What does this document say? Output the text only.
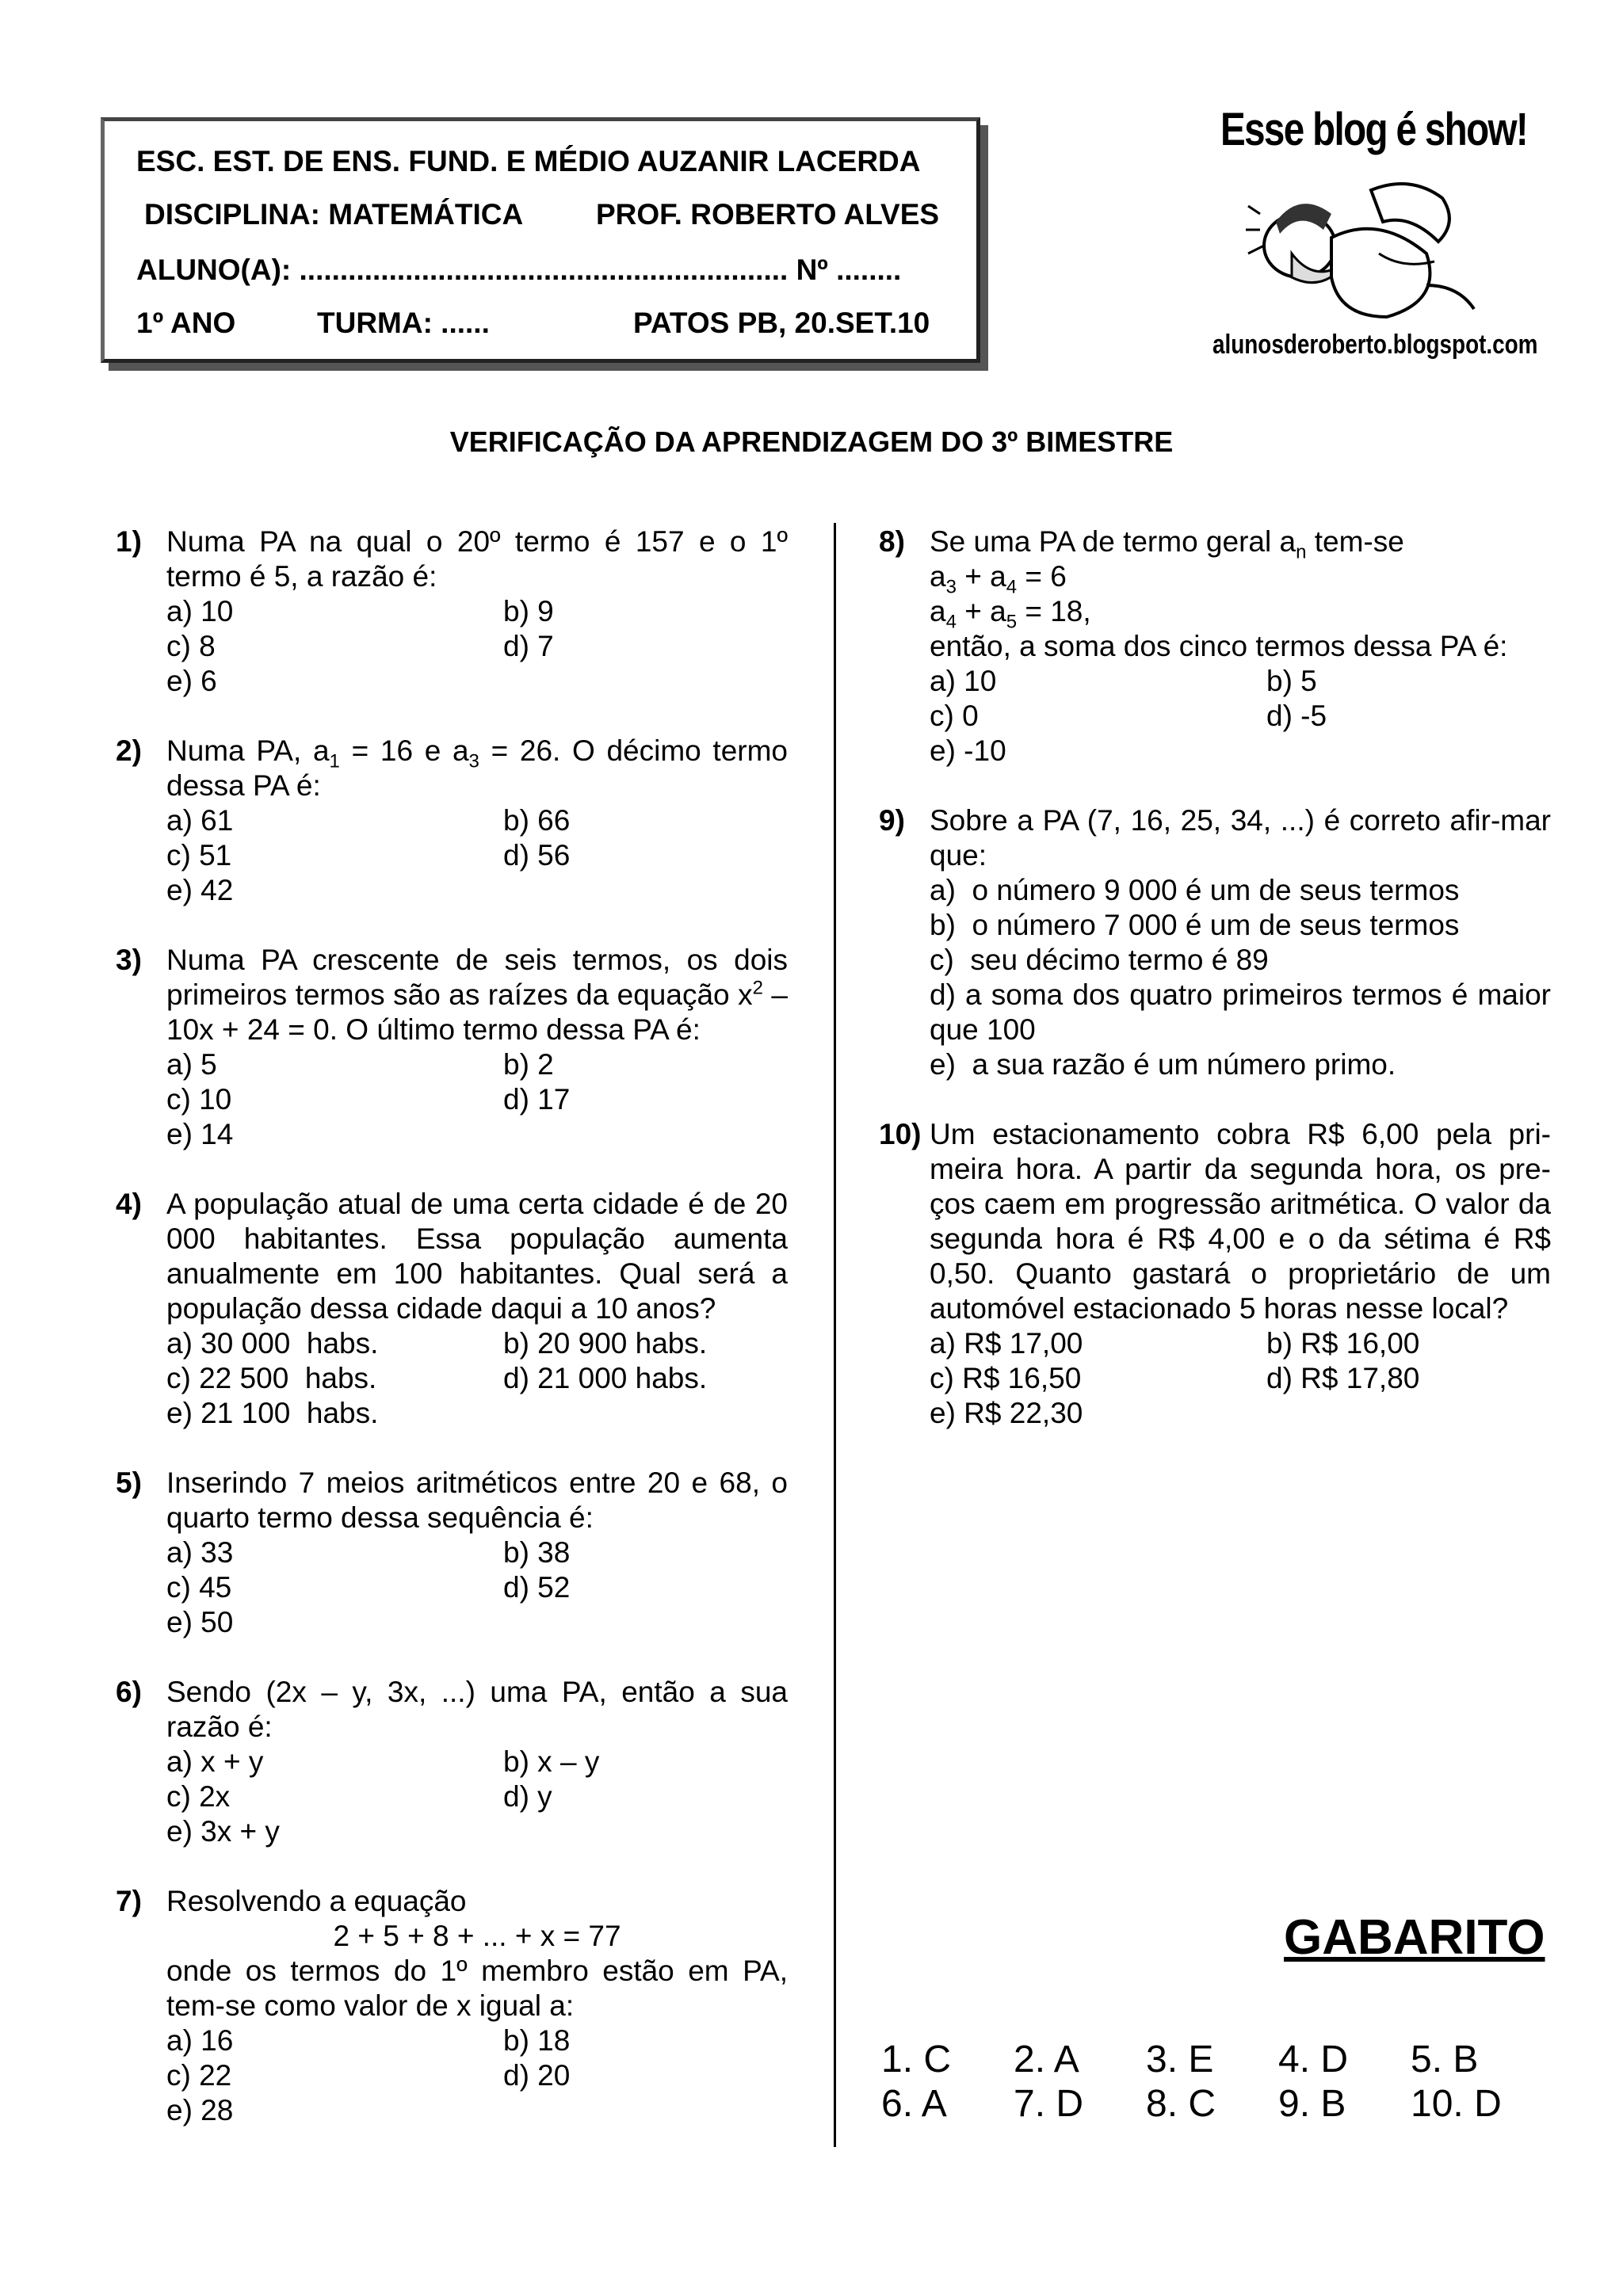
ESC. EST. DE ENS. FUND. E MÉDIO AUZANIR LACERDA
DISCIPLINA: MATEMÁTICA PROF. ROBERTO ALVES
ALUNO(A): ............................................................ Nº ........
1º ANO	TURMA: ......	PATOS PB, 20.SET.10
Esse blog é show!
alunosderoberto.blogspot.com
VERIFICAÇÃO DA APRENDIZAGEM DO 3º BIMESTRE
1) Numa PA na qual o 20º termo é 157 e o 1º termo é 5, a razão é:
a) 10	b) 9
c) 8	d) 7
e) 6
2) Numa PA, $a_1 = 16$ e $a_3 = 26$. O décimo termo dessa PA é:
a) 61	b) 66
c) 51	d) 56
e) 42
3) Numa PA crescente de seis termos, os dois primeiros termos são as raízes da equação $x^2 - 10x + 24 = 0$. O último termo dessa PA é:
a) 5	b) 2
c) 10	d) 17
e) 14
4) A população atual de uma certa cidade é de 20 000 habitantes. Essa população aumenta anualmente em 100 habitantes. Qual será a população dessa cidade daqui a 10 anos?
a) 30 000  habs.	b) 20 900 habs.
c) 22 500  habs.	d) 21 000 habs.
e) 21 100  habs.
5) Inserindo 7 meios aritméticos entre 20 e 68, o quarto termo dessa sequência é:
a) 33	b) 38
c) 45	d) 52
e) 50
6) Sendo (2x – y, 3x, ...) uma PA, então a sua razão é:
a) x + y	b) x – y
c) 2x	d) y
e) 3x + y
7) Resolvendo a equação
2 + 5 + 8 + ... + x = 77
onde os termos do 1º membro estão em PA, tem-se como valor de x igual a:
a) 16	b) 18
c) 22	d) 20
e) 28
8) Se uma PA de termo geral $a_n$ tem-se
$a_3 + a_4 = 6$
$a_4 + a_5 = 18$,
então, a soma dos cinco termos dessa PA é:
a) 10	b) 5
c) 0	d) -5
e) -10
9) Sobre a PA (7, 16, 25, 34, ...) é correto afir-mar que:
a)  o número 9 000 é um de seus termos
b)  o número 7 000 é um de seus termos
c)  seu décimo termo é 89
d) a soma dos quatro primeiros termos é maior que 100
e)  a sua razão é um número primo.
10) Um estacionamento cobra R$ 6,00 pela pri-meira hora. A partir da segunda hora, os pre-ços caem em progressão aritmética. O valor da segunda hora é R$ 4,00 e o da sétima é R$ 0,50. Quanto gastará o proprietário de um automóvel estacionado 5 horas nesse local?
a) R$ 17,00	b) R$ 16,00
c) R$ 16,50	d) R$ 17,80
e) R$ 22,30
GABARITO
1. C	2. A	3. E	4. D	5. B
6. A	7. D	8. C	9. B	10. D
